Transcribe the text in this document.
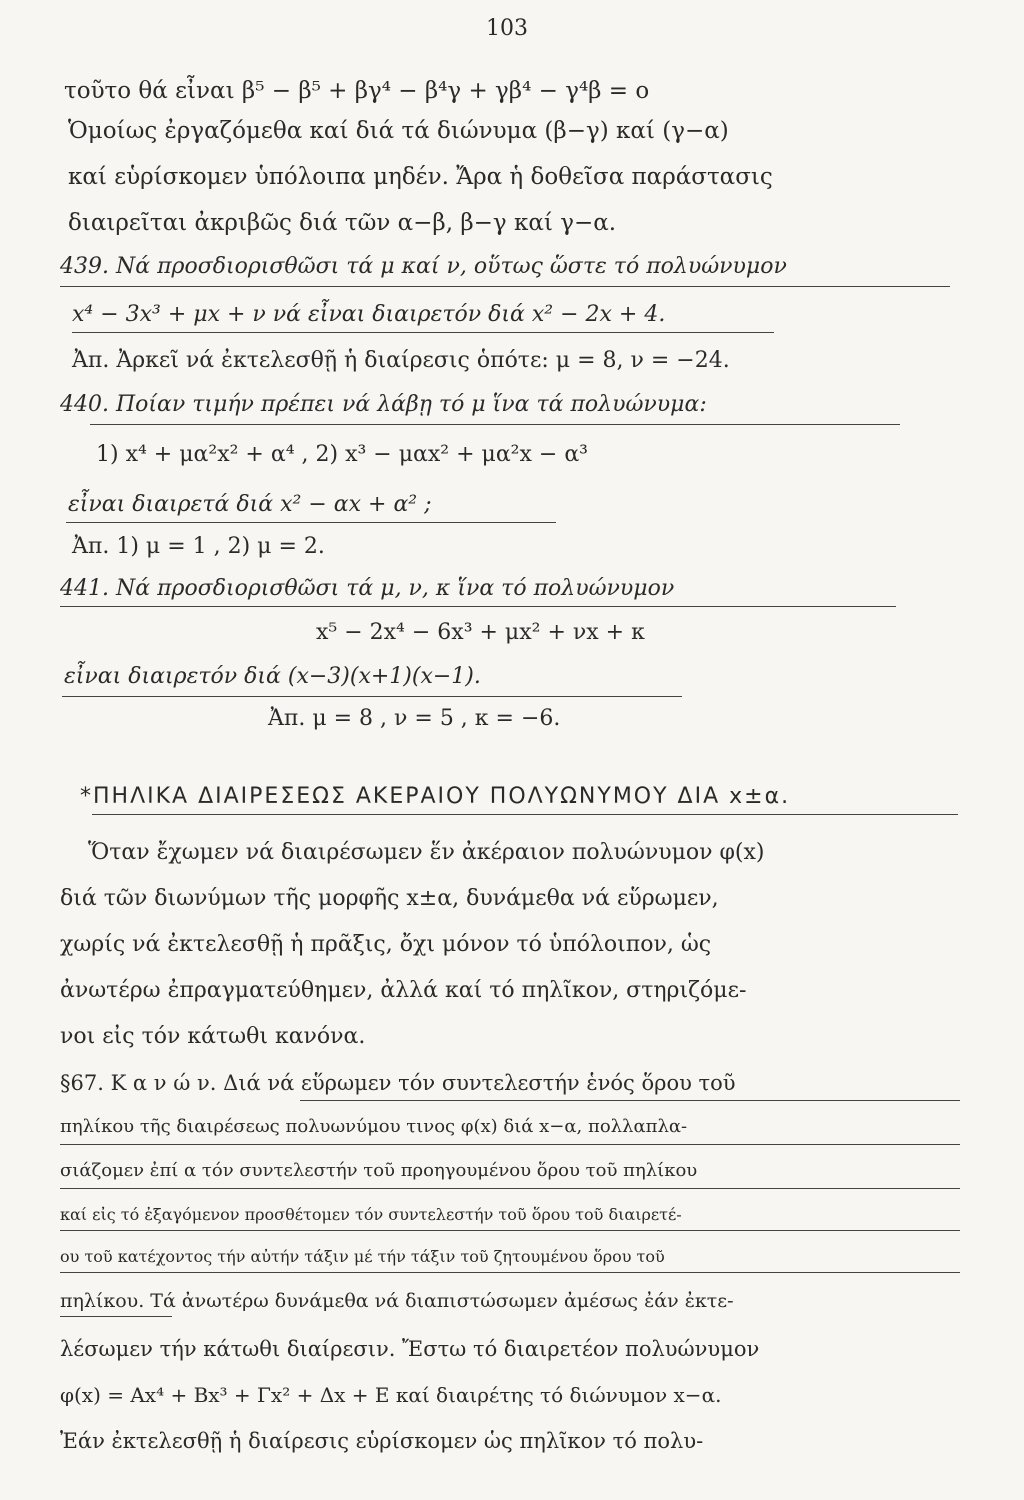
103
τοῦτο θά εἶναι β⁵ − β⁵ + βγ⁴ − β⁴γ + γβ⁴ − γ⁴β = ο
Ὁμοίως ἐργαζόμεθα καί διά τά διώνυμα (β−γ) καί (γ−α)
καί εὑρίσκομεν ὑπόλοιπα μηδέν. Ἄρα ἡ δοθεῖσα παράστασις
διαιρεῖται ἀκριβῶς διά τῶν α−β, β−γ καί γ−α.
439. Νά προσδιορισθῶσι τά μ καί ν, οὕτως ὥστε τό πολυώνυμον
x⁴ − 3x³ + μx + ν νά εἶναι διαιρετόν διά x² − 2x + 4.
Ἀπ. Ἀρκεῖ νά ἐκτελεσθῇ ἡ διαίρεσις ὁπότε: μ = 8, ν = −24.
440. Ποίαν τιμήν πρέπει νά λάβῃ τό μ ἵνα τά πολυώνυμα:
1) x⁴ + μα²x² + α⁴ , 2) x³ − μαx² + μα²x − α³
εἶναι διαιρετά διά x² − αx + α² ;
Ἀπ. 1) μ = 1 , 2) μ = 2.
441. Νά προσδιορισθῶσι τά μ, ν, κ ἵνα τό πολυώνυμον
x⁵ − 2x⁴ − 6x³ + μx² + νx + κ
εἶναι διαιρετόν διά (x−3)(x+1)(x−1).
Ἀπ. μ = 8 , ν = 5 , κ = −6.
*ΠΗΛΙΚΑ ΔΙΑΙΡΕΣΕΩΣ ΑΚΕΡΑΙΟΥ ΠΟΛΥΩΝΥΜΟΥ ΔΙΑ x±α.
Ὅταν ἔχωμεν νά διαιρέσωμεν ἕν ἀκέραιον πολυώνυμον φ(x)
διά τῶν διωνύμων τῆς μορφῆς x±α, δυνάμεθα νά εὕρωμεν,
χωρίς νά ἐκτελεσθῇ ἡ πρᾶξις, ὄχι μόνον τό ὑπόλοιπον, ὡς
ἀνωτέρω ἐπραγματεύθημεν, ἀλλά καί τό πηλῖκον, στηριζόμε-
νοι εἰς τόν κάτωθι κανόνα.
§67. Κ α ν ώ ν. Διά νά εὕρωμεν τόν συντελεστήν ἑνός ὅρου τοῦ
πηλίκου τῆς διαιρέσεως πολυωνύμου τινος φ(x) διά x−α, πολλαπλα-
σιάζομεν ἐπί α τόν συντελεστήν τοῦ προηγουμένου ὅρου τοῦ πηλίκου
καί εἰς τό ἐξαγόμενον προσθέτομεν τόν συντελεστήν τοῦ ὅρου τοῦ διαιρετέ-
ου τοῦ κατέχοντος τήν αὐτήν τάξιν μέ τήν τάξιν τοῦ ζητουμένου ὅρου τοῦ
πηλίκου. Τά ἀνωτέρω δυνάμεθα νά διαπιστώσωμεν ἀμέσως ἐάν ἐκτε-
λέσωμεν τήν κάτωθι διαίρεσιν. Ἔστω τό διαιρετέον πολυώνυμον
φ(x) = Ax⁴ + Bx³ + Γx² + Δx + E καί διαιρέτης τό διώνυμον x−α.
Ἐάν ἐκτελεσθῇ ἡ διαίρεσις εὑρίσκομεν ὡς πηλῖκον τό πολυ-
